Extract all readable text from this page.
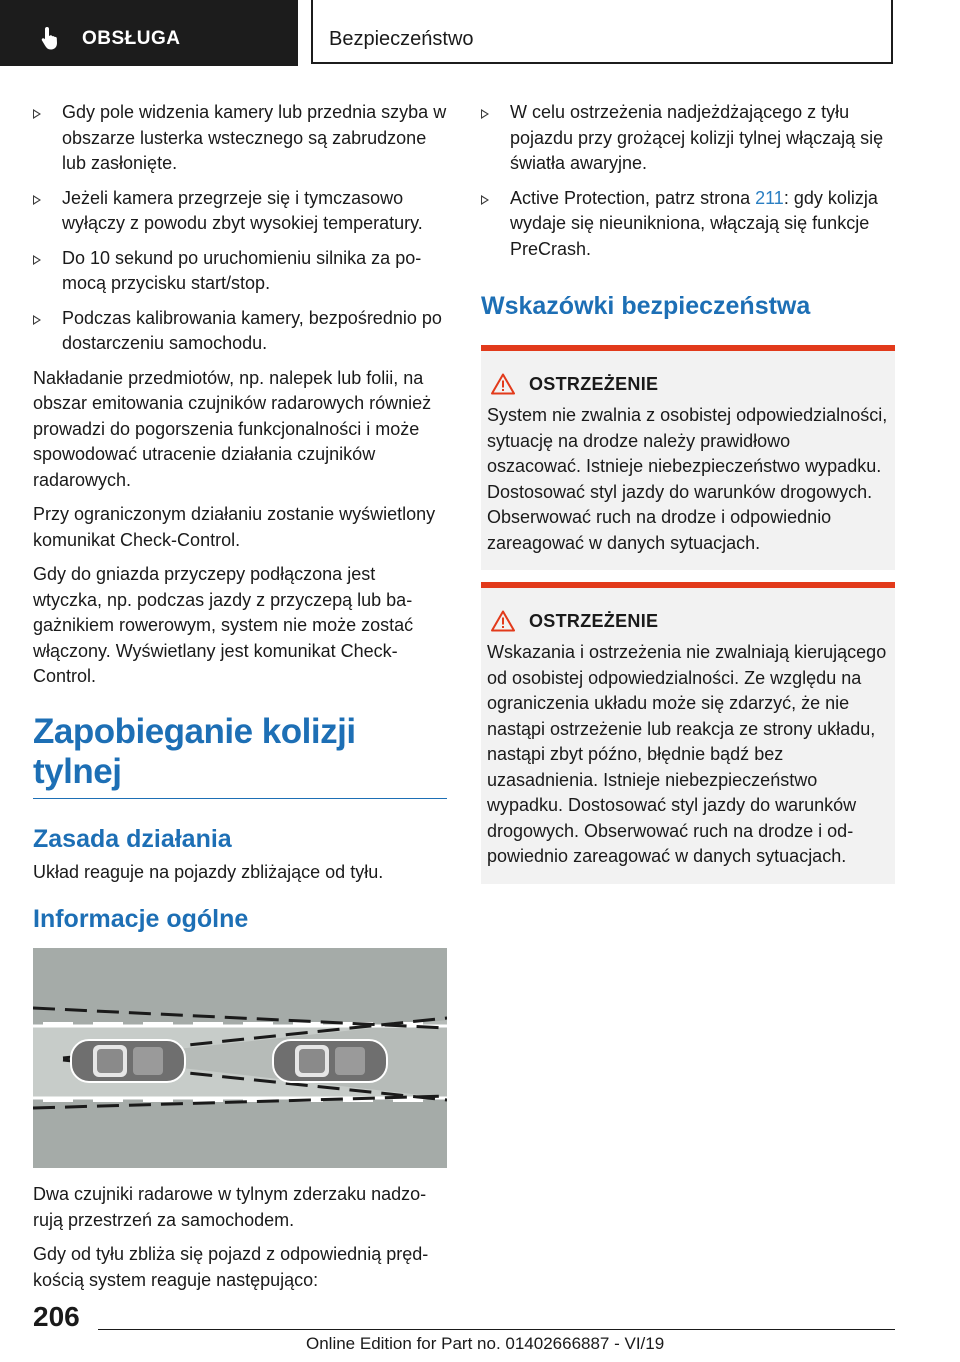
OBSŁUGA	Bezpieczeństwo
Gdy pole widzenia kamery lub przednia szyba w obszarze lusterka wstecznego są zabrudzone lub zasłonięte.
Jeżeli kamera przegrzeje się i tymczasowo wyłączy z powodu zbyt wysokiej temperatury.
Do 10 sekund po uruchomieniu silnika za pomocą przycisku start/stop.
Podczas kalibrowania kamery, bezpośrednio po dostarczeniu samochodu.

Nakładanie przedmiotów, np. nalepek lub folii, na obszar emitowania czujników radarowych również prowadzi do pogorszenia funkcjonalności i może spowodować utracenie działania czujników radarowych.

Przy ograniczonym działaniu zostanie wyświetlony komunikat Check-Control.

Gdy do gniazda przyczepy podłączona jest wtyczka, np. podczas jazdy z przyczepą lub bagażnikiem rowerowym, system nie może zostać włączony. Wyświetlany jest komunikat Check-Control.

Zapobieganie kolizji tylnej
Zasada działania

Układ reaguje na pojazdy zbliżające od tyłu.

Informacje ogólne

Dwa czujniki radarowe w tylnym zderzaku nadzorują przestrzeń za samochodem.

Gdy od tyłu zbliża się pojazd z odpowiednią prędkością system reaguje następująco:

W celu ostrzeżenia nadjeżdżającego z tyłu pojazdu przy grożącej kolizji tylnej włączają się światła awaryjne.
Active Protection, patrz strona 211: gdy kolizja wydaje się nieunikniona, włączają się funkcje PreCrash.
Wskazówki bezpieczeństwa
OSTRZEŻENIE

System nie zwalnia z osobistej odpowiedzialności, sytuację na drodze należy prawidłowo oszacować. Istnieje niebezpieczeństwo wypadku. Dostosować styl jazdy do warunków drogowych. Obserwować ruch na drodze i odpowiednio zareagować w danych sytuacjach.

OSTRZEŻENIE

Wskazania i ostrzeżenia nie zwalniają kierującego od osobistej odpowiedzialności. Ze względu na ograniczenia układu może się zdarzyć, że nie nastąpi ostrzeżenie lub reakcja ze strony układu, nastąpi zbyt późno, błędnie bądź bez uzasadnienia. Istnieje niebezpieczeństwo wypadku. Dostosować styl jazdy do warunków drogowych. Obserwować ruch na drodze i odpowiednio zareagować w danych sytuacjach.

206
Online Edition for Part no. 01402666887 - VI/19
